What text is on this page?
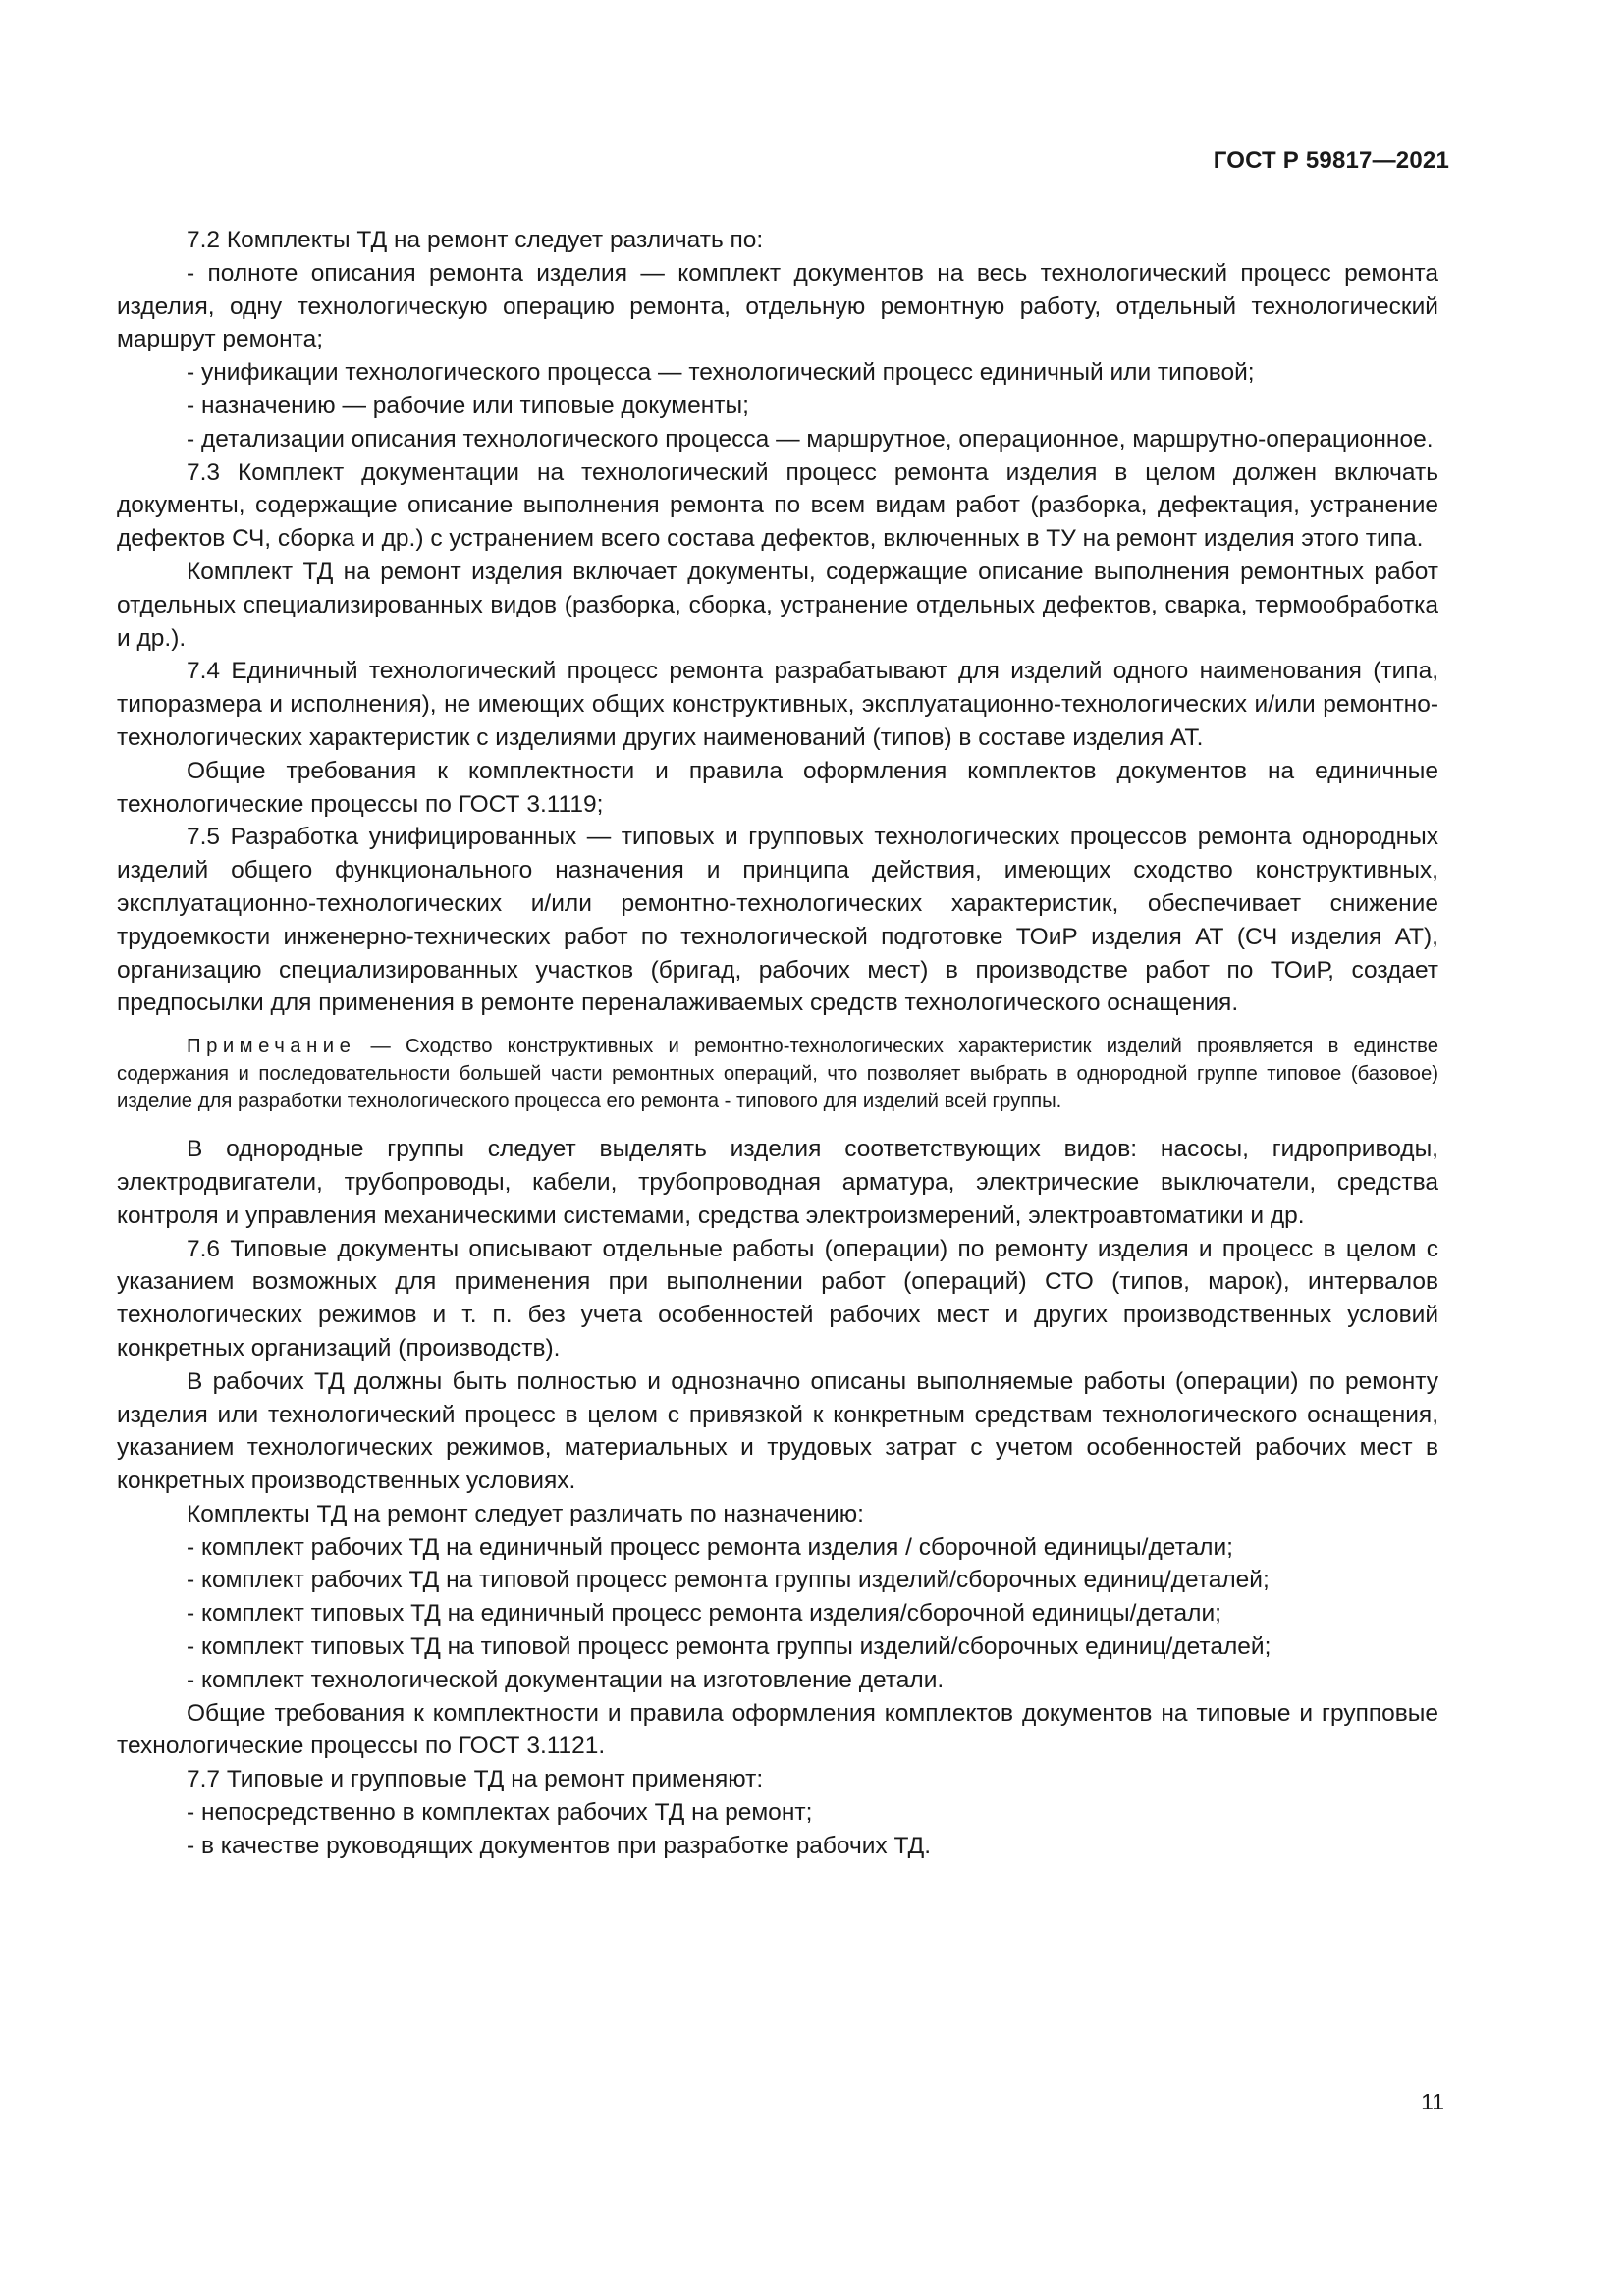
ГОСТ Р 59817—2021

7.2 Комплекты ТД на ремонт следует различать по:

- полноте описания ремонта изделия — комплект документов на весь технологический процесс ремонта изделия, одну технологическую операцию ремонта, отдельную ремонтную работу, отдельный технологический маршрут ремонта;

- унификации технологического процесса — технологический процесс единичный или типовой;

- назначению — рабочие или типовые документы;

- детализации описания технологического процесса — маршрутное, операционное, маршрутно-операционное.

7.3 Комплект документации на технологический процесс ремонта изделия в целом должен включать документы, содержащие описание выполнения ремонта по всем видам работ (разборка, дефектация, устранение дефектов СЧ, сборка и др.) с устранением всего состава дефектов, включенных в ТУ на ремонт изделия этого типа.

Комплект ТД на ремонт изделия включает документы, содержащие описание выполнения ремонтных работ отдельных специализированных видов (разборка, сборка, устранение отдельных дефектов, сварка, термообработка и др.).

7.4 Единичный технологический процесс ремонта разрабатывают для изделий одного наименования (типа, типоразмера и исполнения), не имеющих общих конструктивных, эксплуатационно-технологических и/или ремонтно-технологических характеристик с изделиями других наименований (типов) в составе изделия АТ.

Общие требования к комплектности и правила оформления комплектов документов на единичные технологические процессы по ГОСТ 3.1119;

7.5 Разработка унифицированных — типовых и групповых технологических процессов ремонта однородных изделий общего функционального назначения и принципа действия, имеющих сходство конструктивных, эксплуатационно-технологических и/или ремонтно-технологических характеристик, обеспечивает снижение трудоемкости инженерно-технических работ по технологической подготовке ТОиР изделия АТ (СЧ изделия АТ), организацию специализированных участков (бригад, рабочих мест) в производстве работ по ТОиР, создает предпосылки для применения в ремонте переналаживаемых средств технологического оснащения.

Примечание — Сходство конструктивных и ремонтно-технологических характеристик изделий проявляется в единстве содержания и последовательности большей части ремонтных операций, что позволяет выбрать в однородной группе типовое (базовое) изделие для разработки технологического процесса его ремонта - типового для изделий всей группы.

В однородные группы следует выделять изделия соответствующих видов: насосы, гидроприводы, электродвигатели, трубопроводы, кабели, трубопроводная арматура, электрические выключатели, средства контроля и управления механическими системами, средства электроизмерений, электроавтоматики и др.

7.6 Типовые документы описывают отдельные работы (операции) по ремонту изделия и процесс в целом с указанием возможных для применения при выполнении работ (операций) СТО (типов, марок), интервалов технологических режимов и т. п. без учета особенностей рабочих мест и других производственных условий конкретных организаций (производств).

В рабочих ТД должны быть полностью и однозначно описаны выполняемые работы (операции) по ремонту изделия или технологический процесс в целом с привязкой к конкретным средствам технологического оснащения, указанием технологических режимов, материальных и трудовых затрат с учетом особенностей рабочих мест в конкретных производственных условиях.

Комплекты ТД на ремонт следует различать по назначению:

- комплект рабочих ТД на единичный процесс ремонта изделия / сборочной единицы/детали;

- комплект рабочих ТД на типовой процесс ремонта группы изделий/сборочных единиц/деталей;

- комплект типовых ТД на единичный процесс ремонта изделия/сборочной единицы/детали;

- комплект типовых ТД на типовой процесс ремонта группы изделий/сборочных единиц/деталей;

- комплект технологической документации на изготовление детали.

Общие требования к комплектности и правила оформления комплектов документов на типовые и групповые технологические процессы по ГОСТ 3.1121.

7.7 Типовые и групповые ТД на ремонт применяют:

- непосредственно в комплектах рабочих ТД на ремонт;

- в качестве руководящих документов при разработке рабочих ТД.

11
